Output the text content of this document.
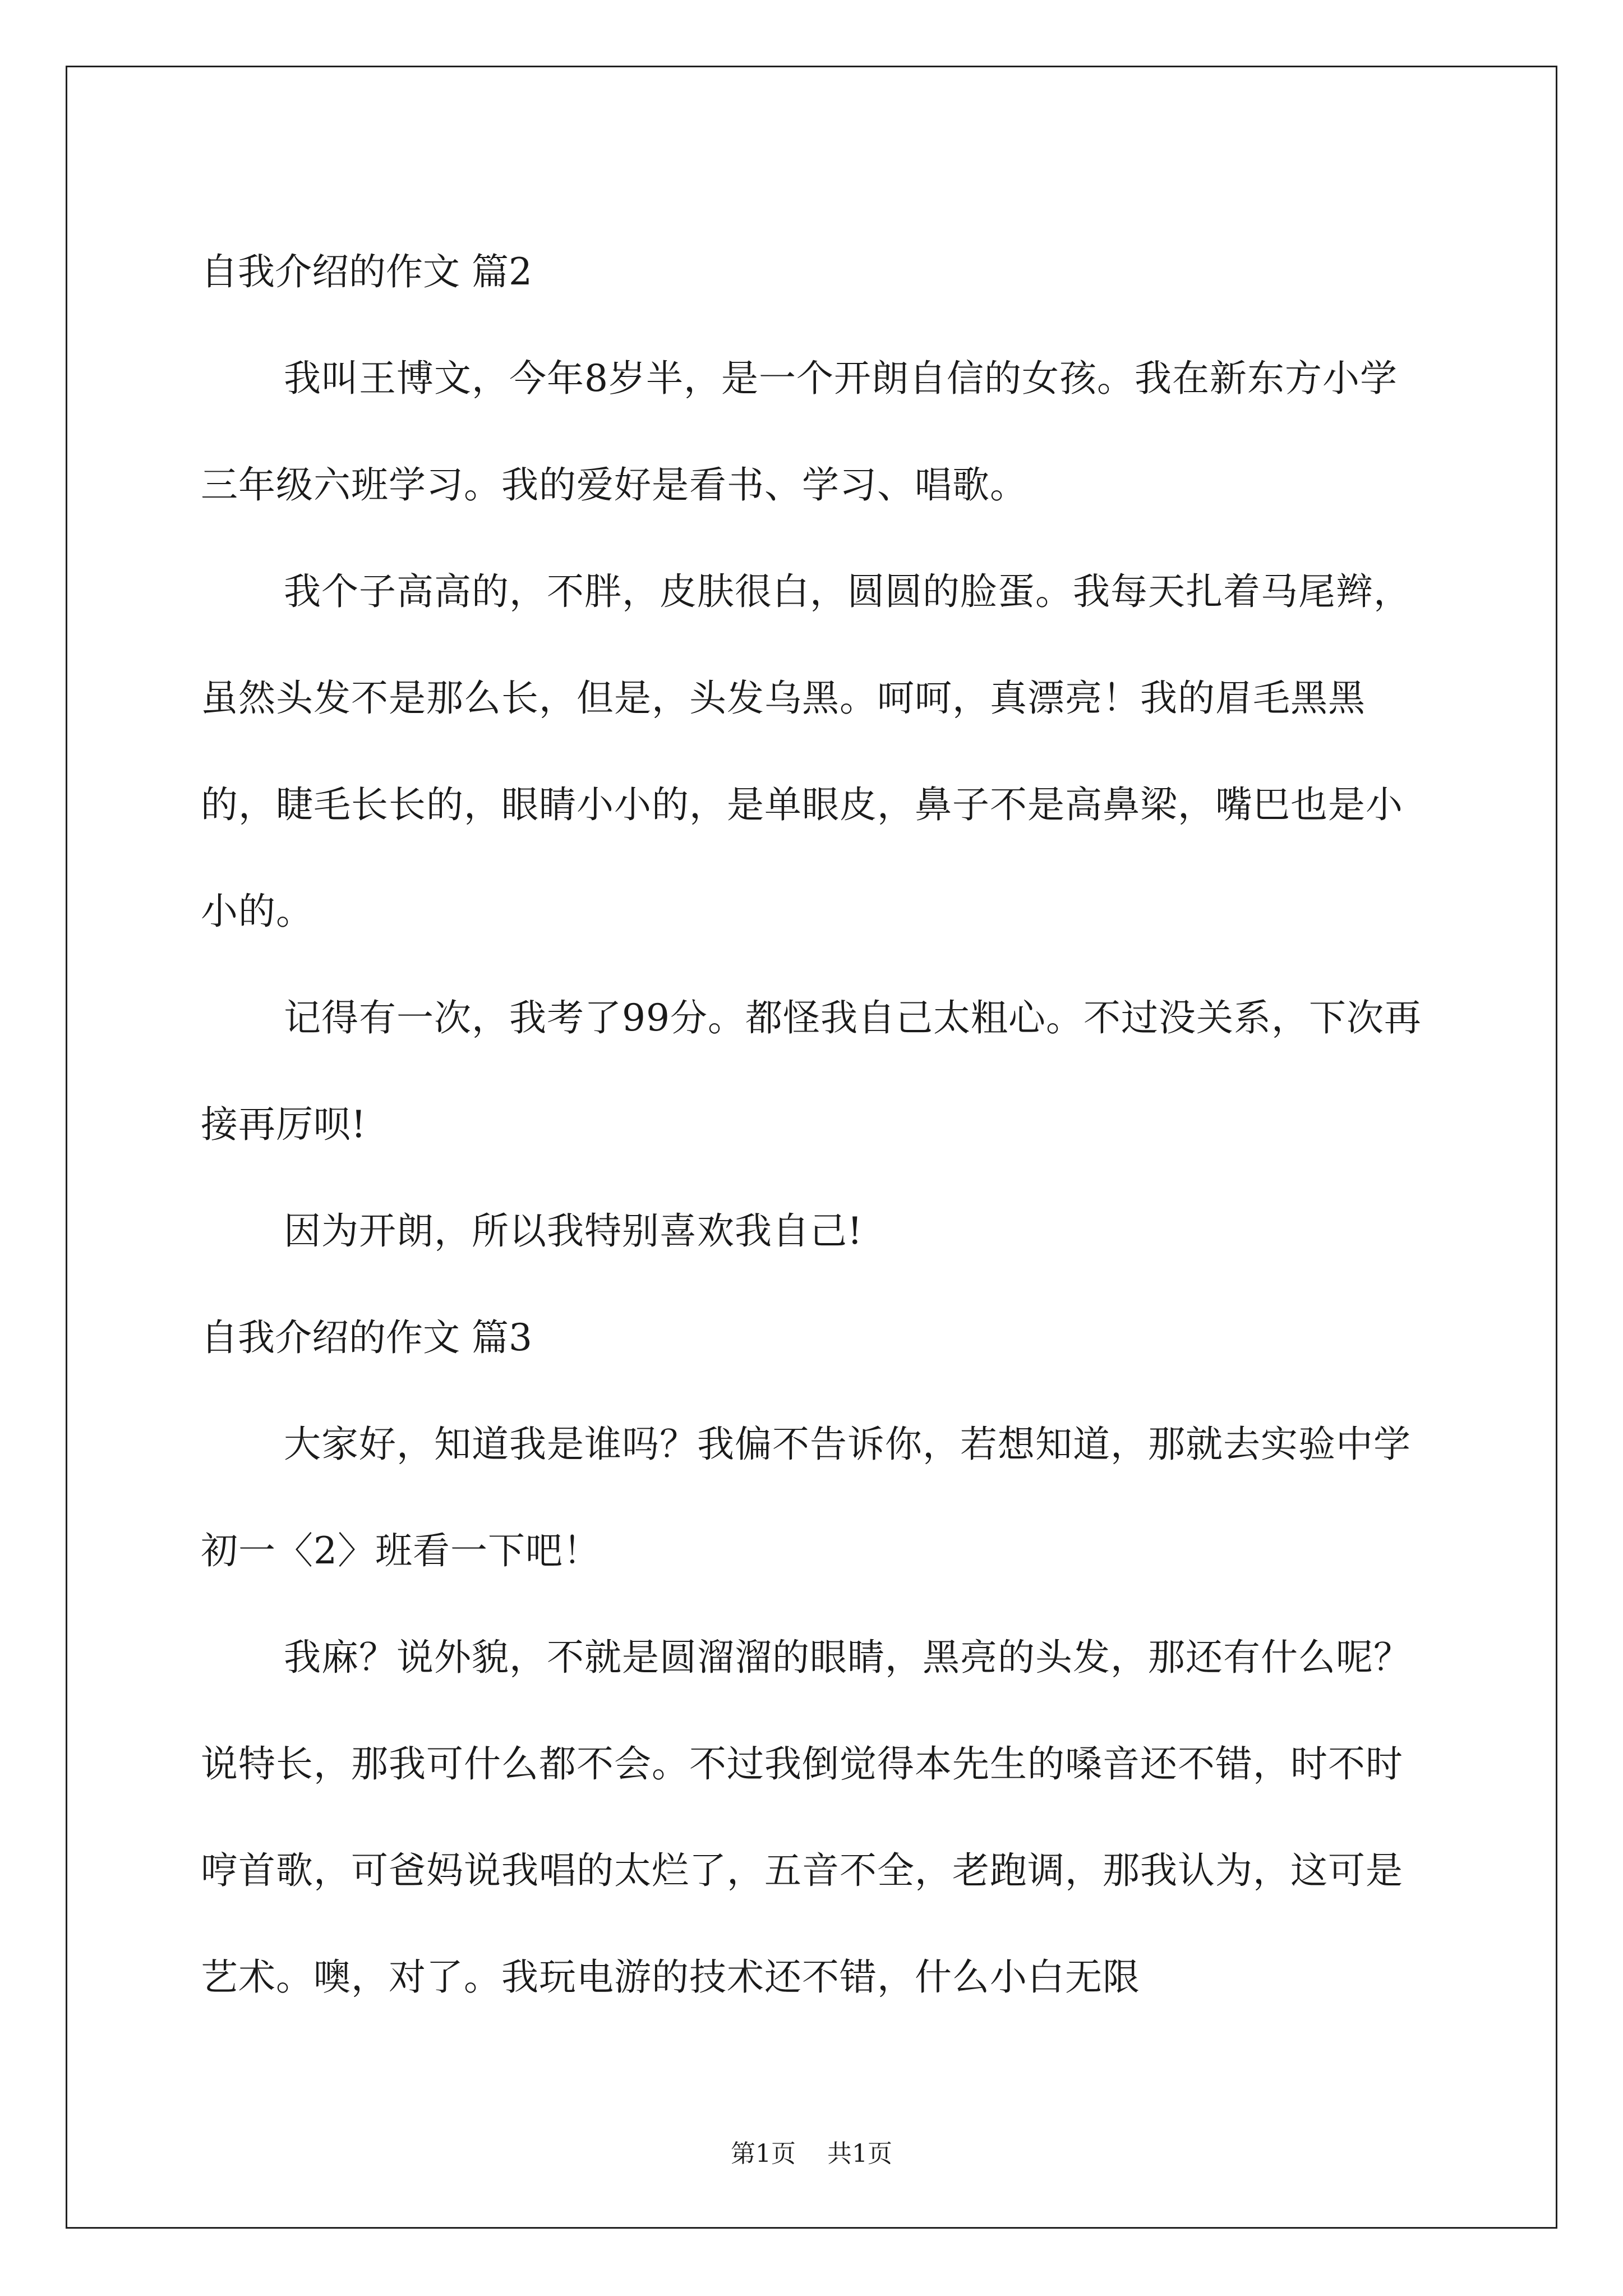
自我介绍的作文 篇2

我叫王博文，今年8岁半，是一个开朗自信的女孩。我在新东方小学三年级六班学习。我的爱好是看书、学习、唱歌。

我个子高高的，不胖，皮肤很白，圆圆的脸蛋。我每天扎着马尾辫，虽然头发不是那么长，但是，头发乌黑。呵呵，真漂亮！我的眉毛黑黑的，睫毛长长的，眼睛小小的，是单眼皮，鼻子不是高鼻梁，嘴巴也是小小的。

记得有一次，我考了99分。都怪我自己太粗心。不过没关系，下次再接再厉呗!

因为开朗，所以我特别喜欢我自己!

自我介绍的作文 篇3

大家好，知道我是谁吗？我偏不告诉你，若想知道，那就去实验中学初一〈2〉班看一下吧！

我麻？说外貌，不就是圆溜溜的眼睛，黑亮的头发，那还有什么呢？说特长，那我可什么都不会。不过我倒觉得本先生的嗓音还不错，时不时哼首歌，可爸妈说我唱的太烂了，五音不全，老跑调，那我认为，这可是艺术。噢，对了。我玩电游的技术还不错，什么小白无限

第1页 共1页
